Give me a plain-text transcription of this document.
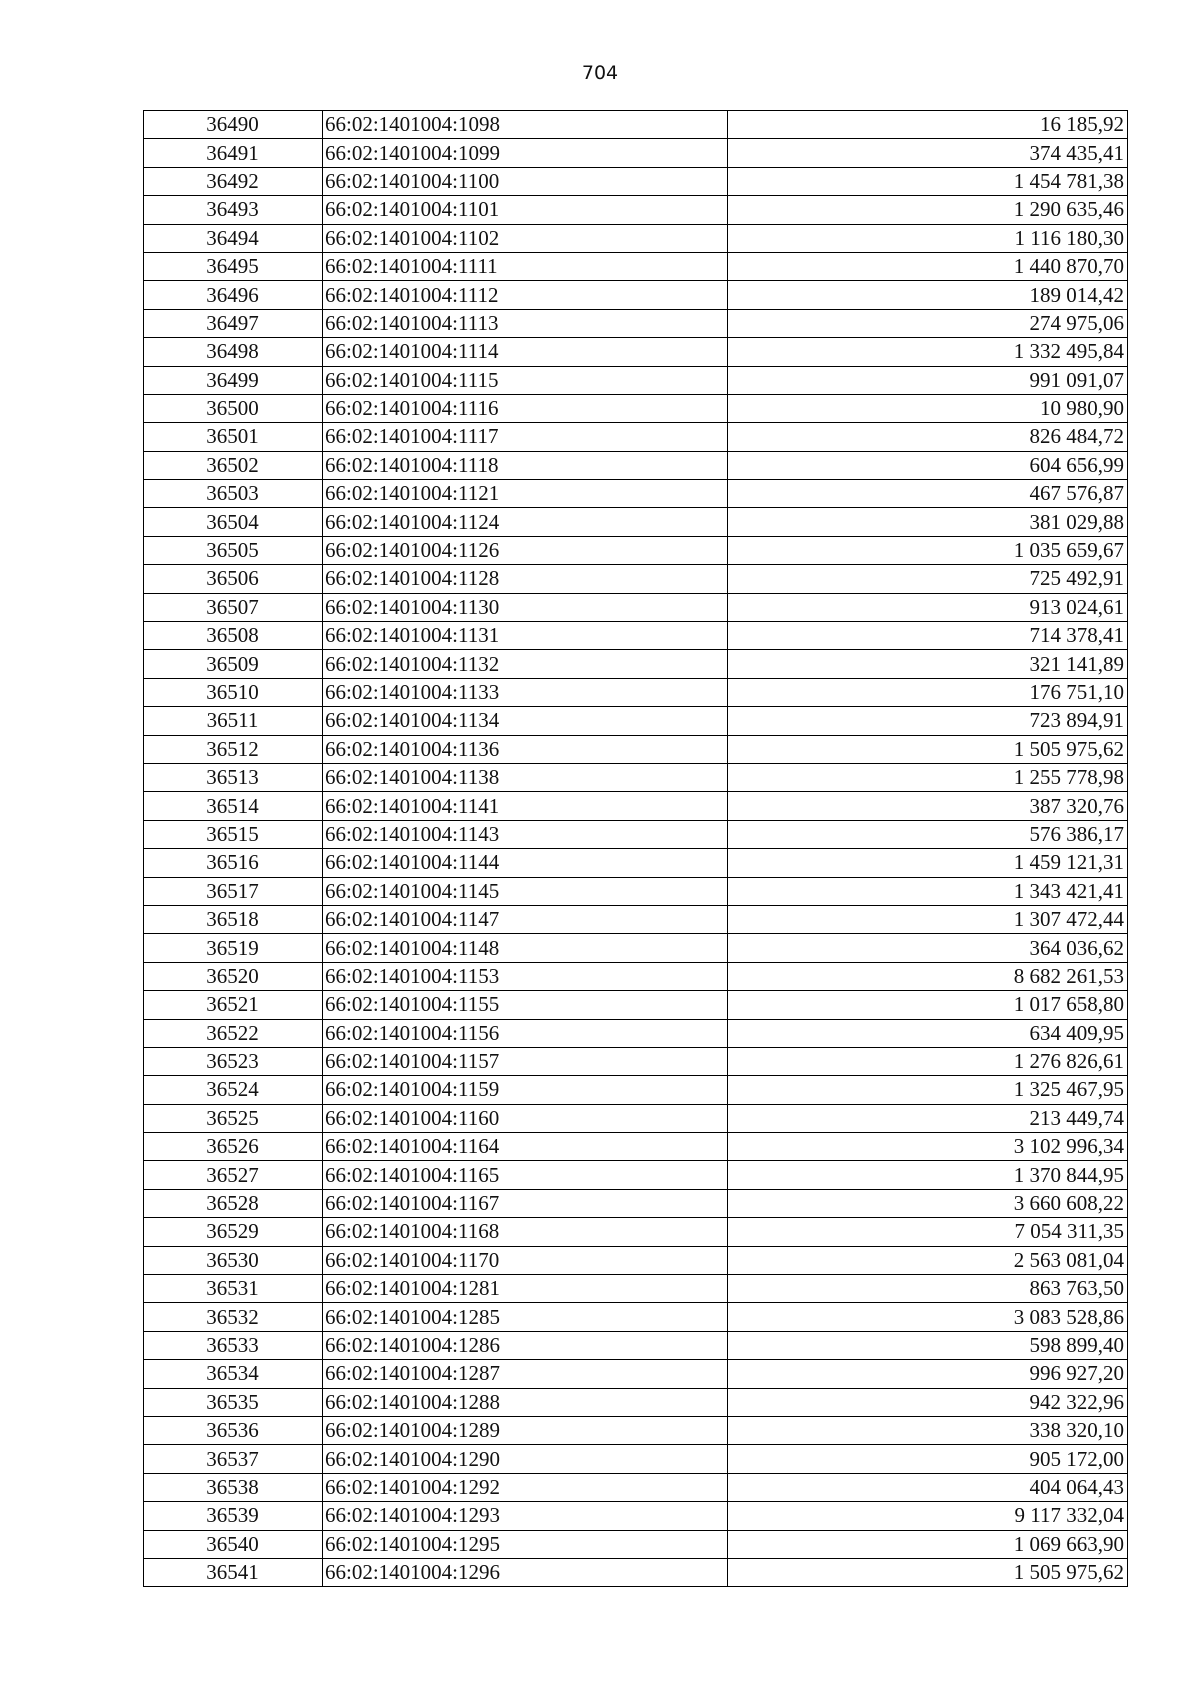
704
36490	66:02:1401004:1098	16 185,92
36491	66:02:1401004:1099	374 435,41
36492	66:02:1401004:1100	1 454 781,38
36493	66:02:1401004:1101	1 290 635,46
36494	66:02:1401004:1102	1 116 180,30
36495	66:02:1401004:1111	1 440 870,70
36496	66:02:1401004:1112	189 014,42
36497	66:02:1401004:1113	274 975,06
36498	66:02:1401004:1114	1 332 495,84
36499	66:02:1401004:1115	991 091,07
36500	66:02:1401004:1116	10 980,90
36501	66:02:1401004:1117	826 484,72
36502	66:02:1401004:1118	604 656,99
36503	66:02:1401004:1121	467 576,87
36504	66:02:1401004:1124	381 029,88
36505	66:02:1401004:1126	1 035 659,67
36506	66:02:1401004:1128	725 492,91
36507	66:02:1401004:1130	913 024,61
36508	66:02:1401004:1131	714 378,41
36509	66:02:1401004:1132	321 141,89
36510	66:02:1401004:1133	176 751,10
36511	66:02:1401004:1134	723 894,91
36512	66:02:1401004:1136	1 505 975,62
36513	66:02:1401004:1138	1 255 778,98
36514	66:02:1401004:1141	387 320,76
36515	66:02:1401004:1143	576 386,17
36516	66:02:1401004:1144	1 459 121,31
36517	66:02:1401004:1145	1 343 421,41
36518	66:02:1401004:1147	1 307 472,44
36519	66:02:1401004:1148	364 036,62
36520	66:02:1401004:1153	8 682 261,53
36521	66:02:1401004:1155	1 017 658,80
36522	66:02:1401004:1156	634 409,95
36523	66:02:1401004:1157	1 276 826,61
36524	66:02:1401004:1159	1 325 467,95
36525	66:02:1401004:1160	213 449,74
36526	66:02:1401004:1164	3 102 996,34
36527	66:02:1401004:1165	1 370 844,95
36528	66:02:1401004:1167	3 660 608,22
36529	66:02:1401004:1168	7 054 311,35
36530	66:02:1401004:1170	2 563 081,04
36531	66:02:1401004:1281	863 763,50
36532	66:02:1401004:1285	3 083 528,86
36533	66:02:1401004:1286	598 899,40
36534	66:02:1401004:1287	996 927,20
36535	66:02:1401004:1288	942 322,96
36536	66:02:1401004:1289	338 320,10
36537	66:02:1401004:1290	905 172,00
36538	66:02:1401004:1292	404 064,43
36539	66:02:1401004:1293	9 117 332,04
36540	66:02:1401004:1295	1 069 663,90
36541	66:02:1401004:1296	1 505 975,62
